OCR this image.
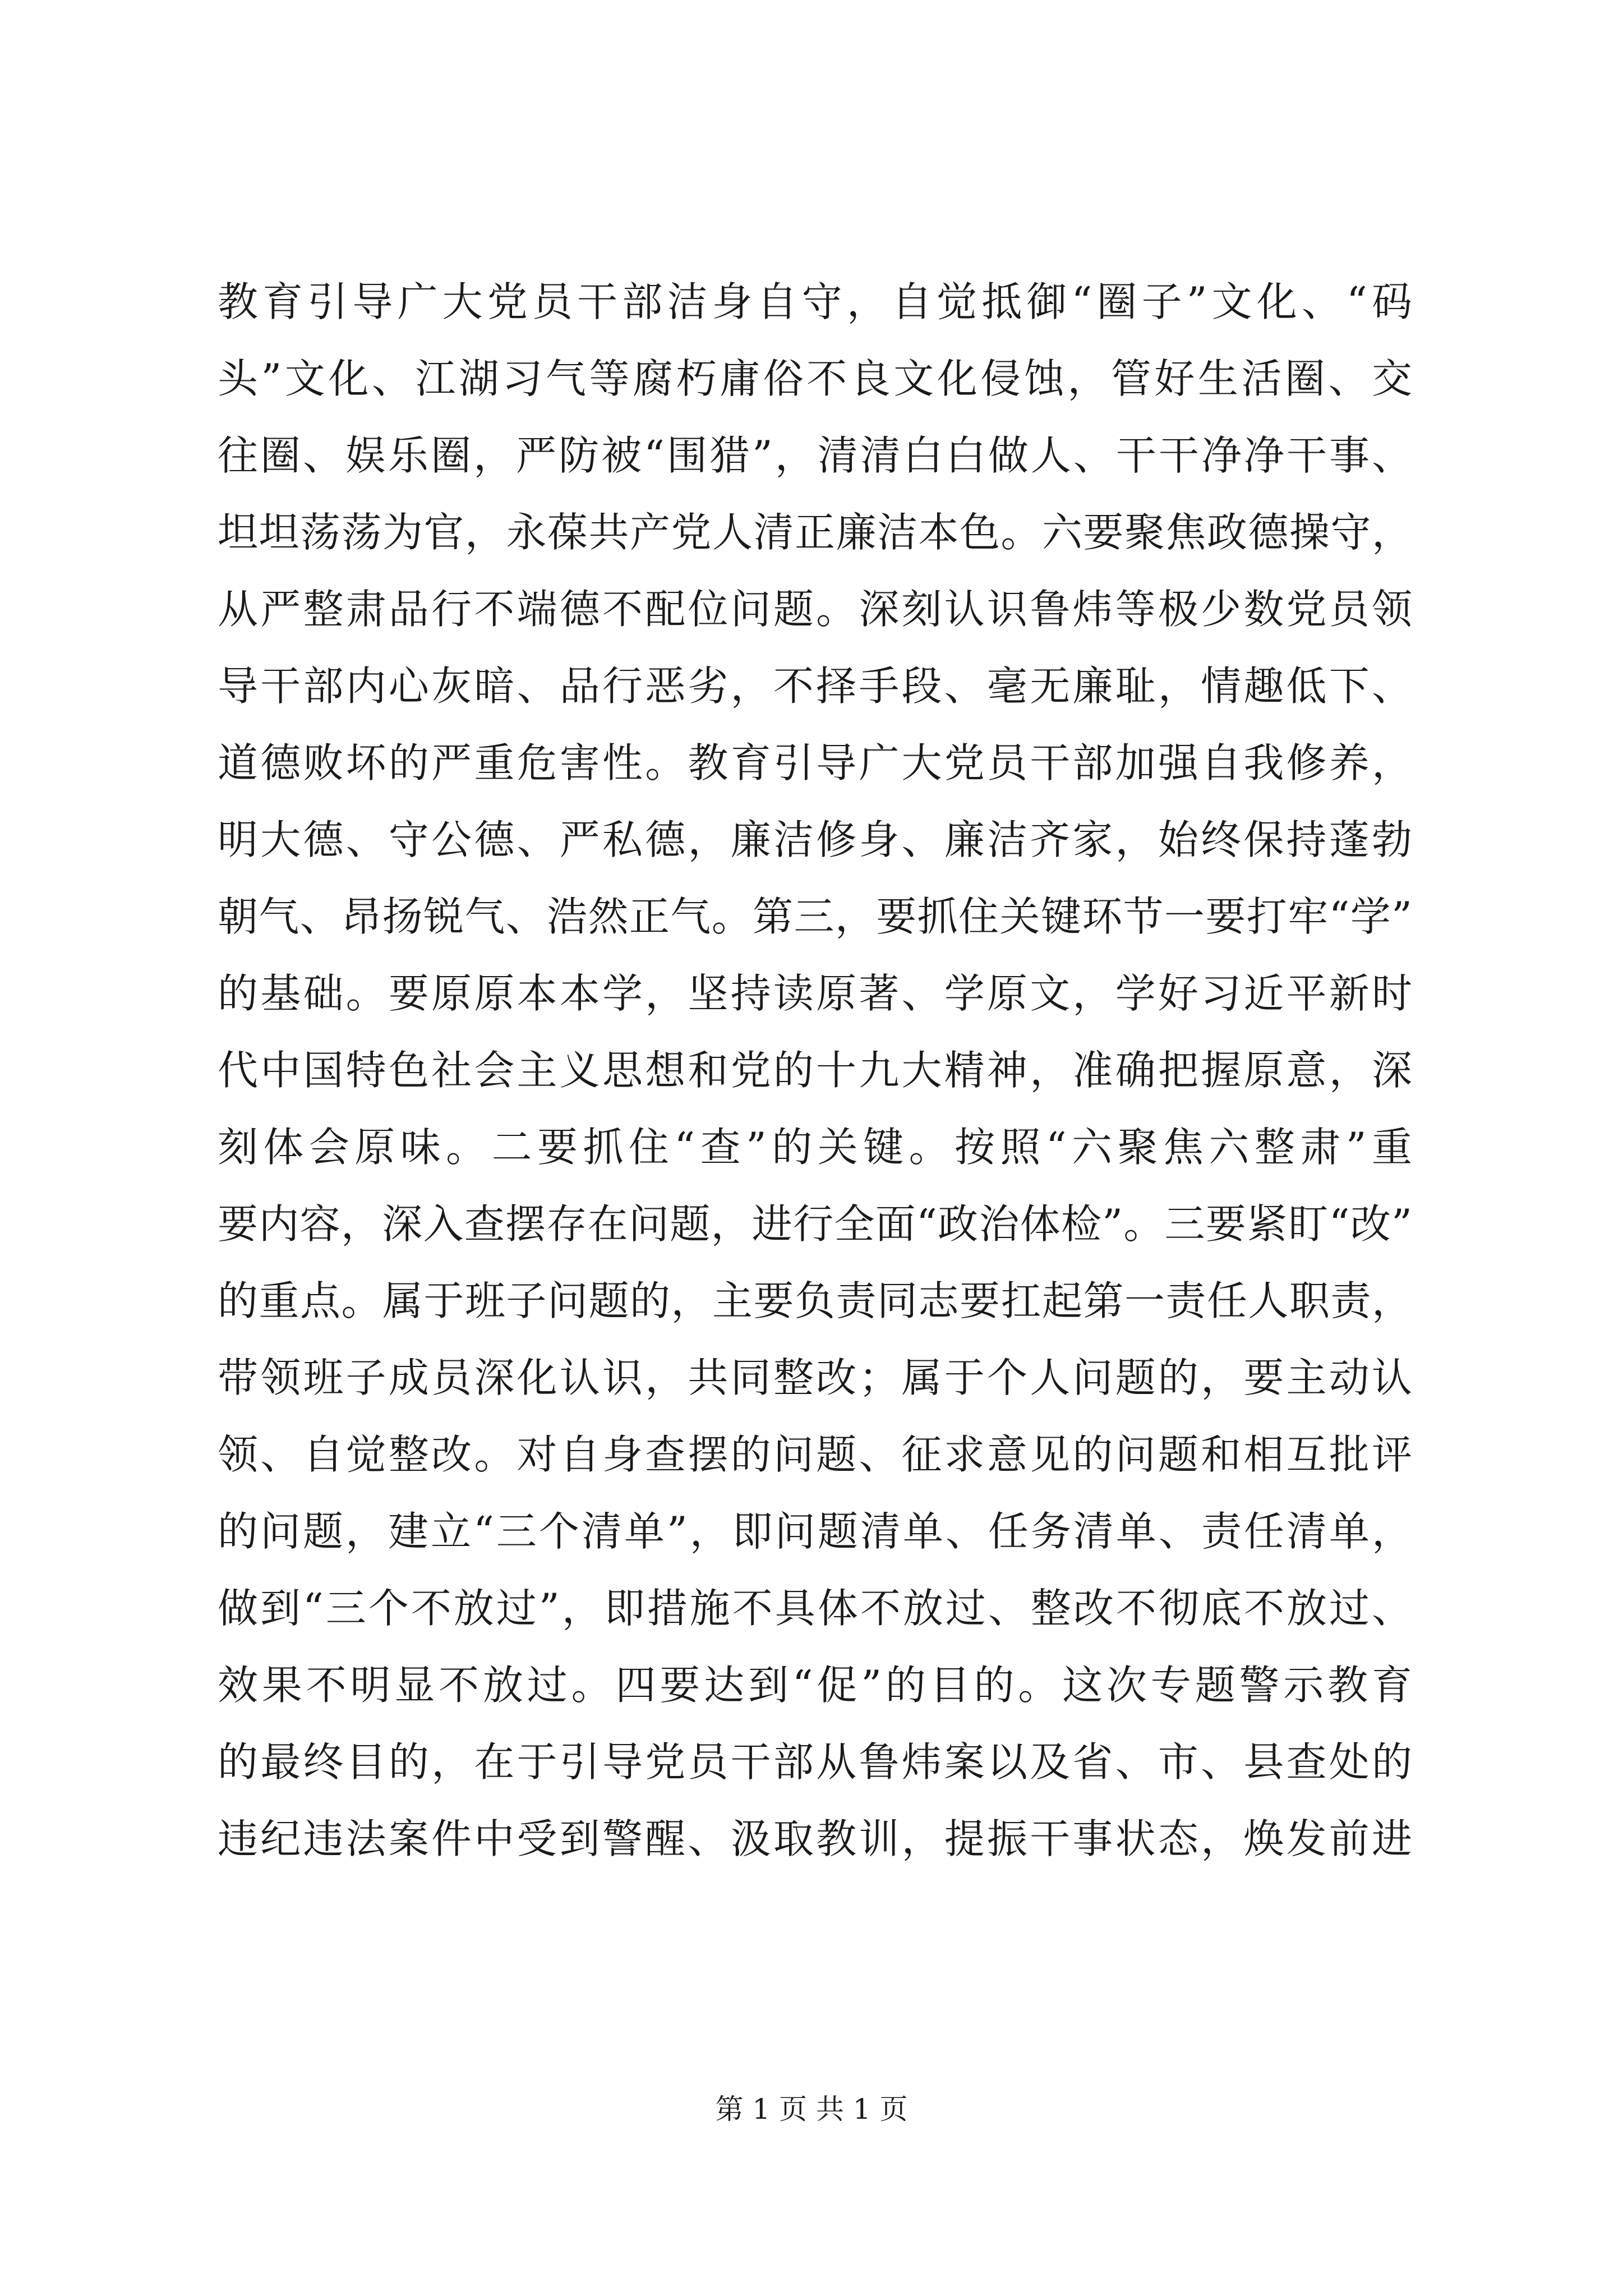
教育引导广大党员干部洁身自守，自觉抵御“圈子”文化、“码
头”文化、江湖习气等腐朽庸俗不良文化侵蚀，管好生活圈、交
往圈、娱乐圈，严防被“围猎”，清清白白做人、干干净净干事、
坦坦荡荡为官，永葆共产党人清正廉洁本色。六要聚焦政德操守，
从严整肃品行不端德不配位问题。深刻认识鲁炜等极少数党员领
导干部内心灰暗、品行恶劣，不择手段、毫无廉耻，情趣低下、
道德败坏的严重危害性。教育引导广大党员干部加强自我修养，
明大德、守公德、严私德，廉洁修身、廉洁齐家，始终保持蓬勃
朝气、昂扬锐气、浩然正气。第三，要抓住关键环节一要打牢“学”
的基础。要原原本本学，坚持读原著、学原文，学好习近平新时
代中国特色社会主义思想和党的十九大精神，准确把握原意，深
刻体会原味。二要抓住“查”的关键。按照“六聚焦六整肃”重
要内容，深入查摆存在问题，进行全面“政治体检”。三要紧盯“改”
的重点。属于班子问题的，主要负责同志要扛起第一责任人职责，
带领班子成员深化认识，共同整改；属于个人问题的，要主动认
领、自觉整改。对自身查摆的问题、征求意见的问题和相互批评
的问题，建立“三个清单”，即问题清单、任务清单、责任清单，
做到“三个不放过”，即措施不具体不放过、整改不彻底不放过、
效果不明显不放过。四要达到“促”的目的。这次专题警示教育
的最终目的，在于引导党员干部从鲁炜案以及省、市、县查处的
违纪违法案件中受到警醒、汲取教训，提振干事状态，焕发前进
第 1 页 共 1 页
